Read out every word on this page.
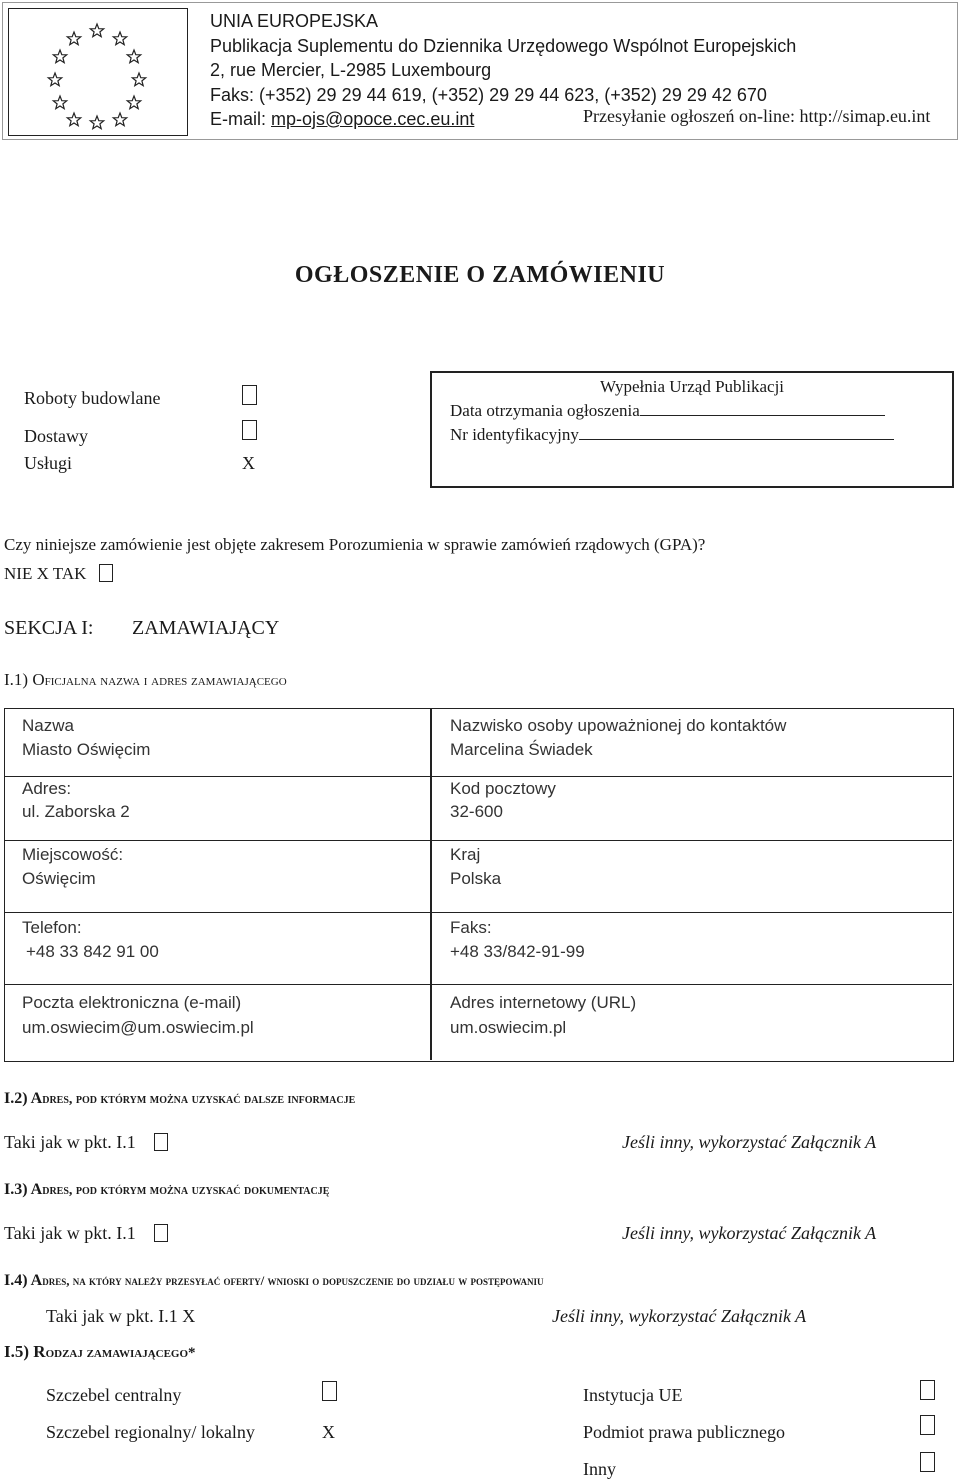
UNIA EUROPEJSKA
Publikacja Suplementu do Dziennika Urzędowego Wspólnot Europejskich
2, rue Mercier, L-2985 Luxembourg
Faks: (+352) 29 29 44 619, (+352) 29 29 44 623, (+352) 29 29 42 670
E-mail: mp-ojs@opoce.cec.eu.int	Przesyłanie ogłoszeń on-line: http://simap.eu.int
OGŁOSZENIE O ZAMÓWIENIU
Roboty budowlane
Dostawy
Usługi	X
Wypełnia Urząd Publikacji
Data otrzymania ogłoszenia
Nr identyfikacyjny
Czy niniejsze zamówienie jest objęte zakresem Porozumienia w sprawie zamówień rządowych (GPA)?
NIE X TAK
SEKCJA I: ZAMAWIAJĄCY
I.1) Oficjalna nazwa i adres zamawiającego
Nazwa
Miasto Oświęcim
Nazwisko osoby upoważnionej do kontaktów
Marcelina Świadek
Adres:
ul. Zaborska 2
Kod pocztowy
32-600
Miejscowość:
Oświęcim
Kraj
Polska
Telefon:
+48 33 842 91 00
Faks:
+48 33/842-91-99
Poczta elektroniczna (e-mail)
um.oswiecim@um.oswiecim.pl
Adres internetowy (URL)
um.oswiecim.pl
I.2) Adres, pod którym można uzyskać dalsze informacje
Taki jak w pkt. I.1	Jeśli inny, wykorzystać Załącznik A
I.3) Adres, pod którym można uzyskać dokumentację
Taki jak w pkt. I.1	Jeśli inny, wykorzystać Załącznik A
I.4) Adres, na który należy przesyłać oferty/ wnioski o dopuszczenie do udziału w postępowaniu
Taki jak w pkt. I.1 X	Jeśli inny, wykorzystać Załącznik A
I.5) Rodzaj zamawiającego*
Szczebel centralny
Szczebel regionalny/ lokalny	X
Instytucja UE
Podmiot prawa publicznego
Inny
